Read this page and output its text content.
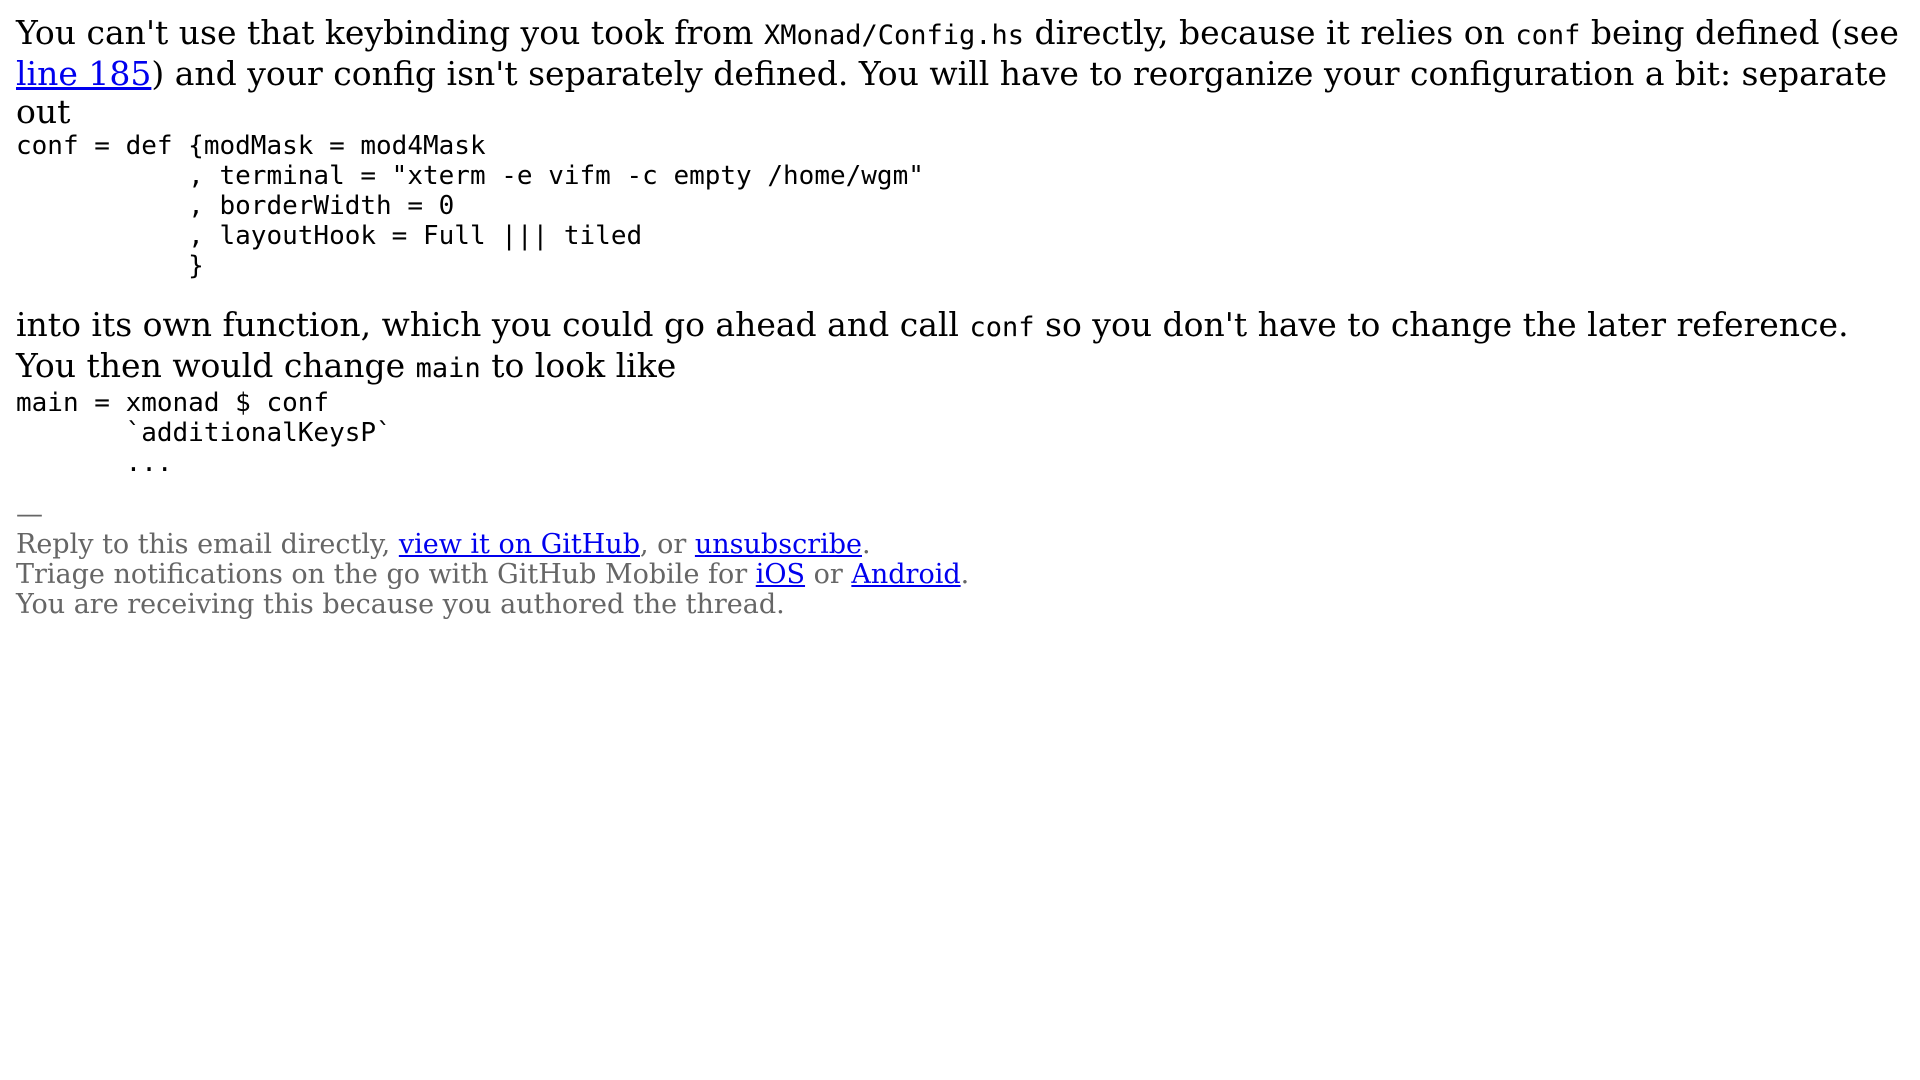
You can't use that keybinding you took from XMonad/Config.hs directly, because it relies on conf being defined (see line 185) and your config isn't separately defined. You will have to reorganize your configuration a bit: separate out

conf = def {modMask = mod4Mask
, terminal = "xterm -e vifm -c empty /home/wgm"
, borderWidth = 0
, layoutHook = Full ||| tiled
}

into its own function, which you could go ahead and call conf so you don't have to change the later reference. You then would change main to look like

main = xmonad $ conf
`additionalKeysP`
...
—
Reply to this email directly, view it on GitHub, or unsubscribe.
Triage notifications on the go with GitHub Mobile for iOS or Android.
You are receiving this because you authored the thread.
